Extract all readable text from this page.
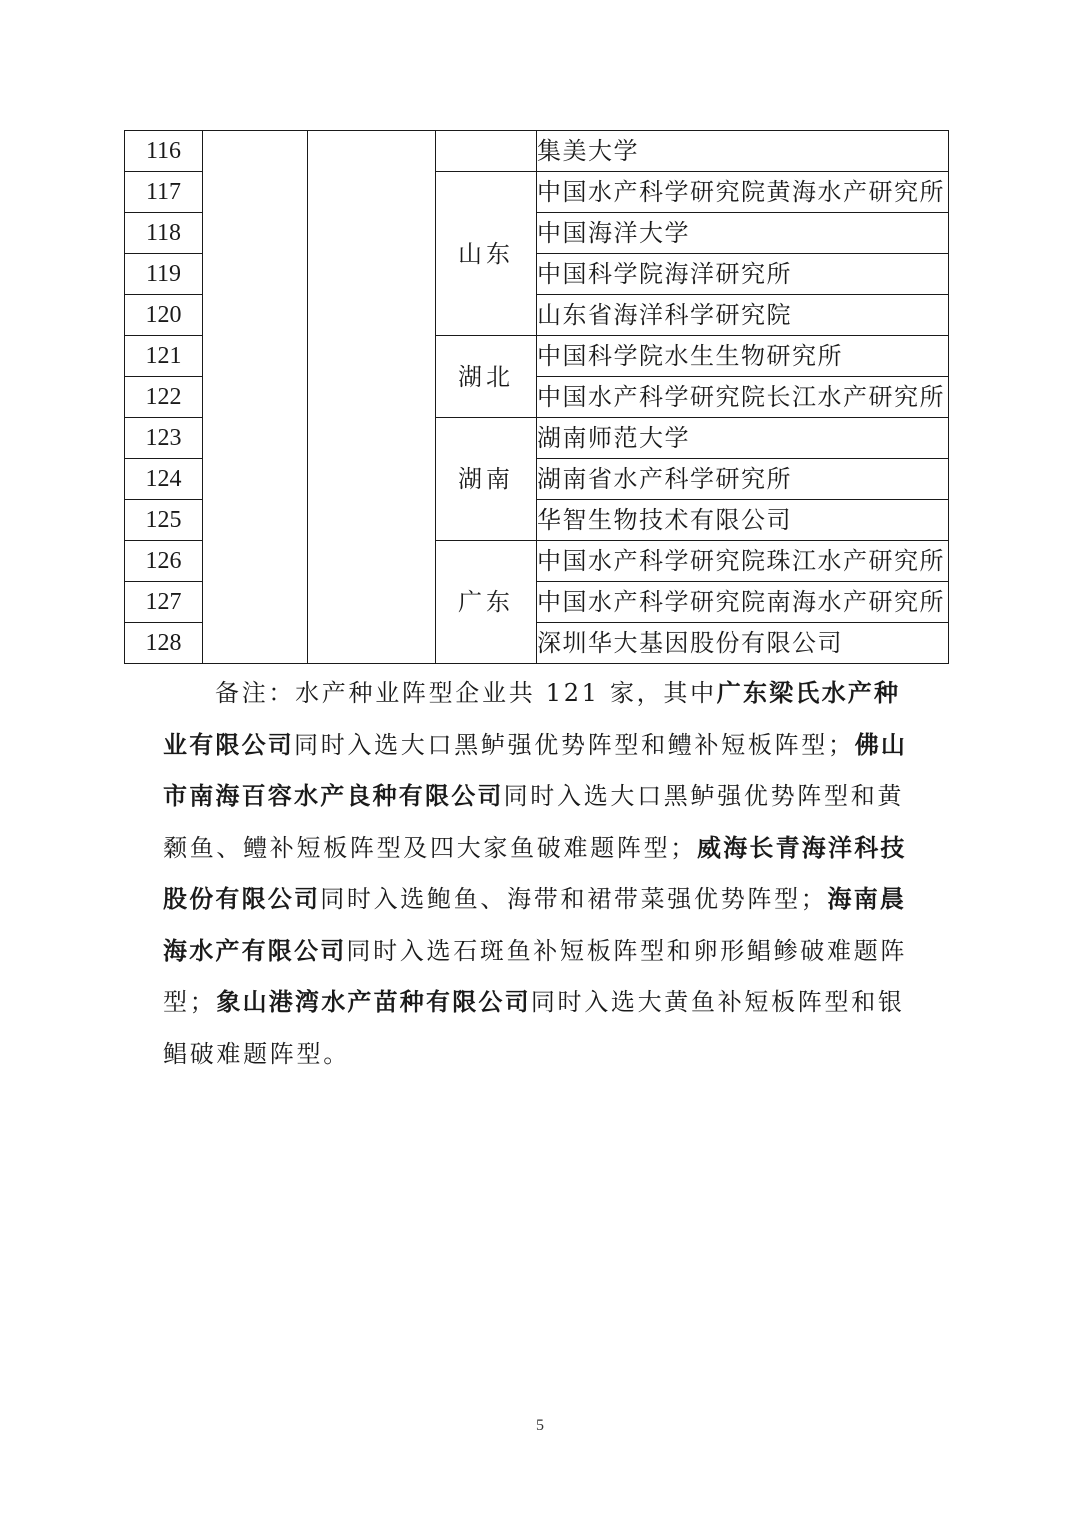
116				集美大学
117			山东	中国水产科学研究院黄海水产研究所
118				中国海洋大学
119				中国科学院海洋研究所
120				山东省海洋科学研究院
121			湖北	中国科学院水生生物研究所
122				中国水产科学研究院长江水产研究所
123			湖南	湖南师范大学
124				湖南省水产科学研究所
125				华智生物技术有限公司
126			广东	中国水产科学研究院珠江水产研究所
127				中国水产科学研究院南海水产研究所
128				深圳华大基因股份有限公司

备注：水产种业阵型企业共 121 家，其中广东梁氏水产种业有限公司同时入选大口黑鲈强优势阵型和鳢补短板阵型；佛山市南海百容水产良种有限公司同时入选大口黑鲈强优势阵型和黄颡鱼、鳢补短板阵型及四大家鱼破难题阵型；威海长青海洋科技股份有限公司同时入选鲍鱼、海带和裙带菜强优势阵型；海南晨海水产有限公司同时入选石斑鱼补短板阵型和卵形鲳鲹破难题阵型；象山港湾水产苗种有限公司同时入选大黄鱼补短板阵型和银鲳破难题阵型。

5
